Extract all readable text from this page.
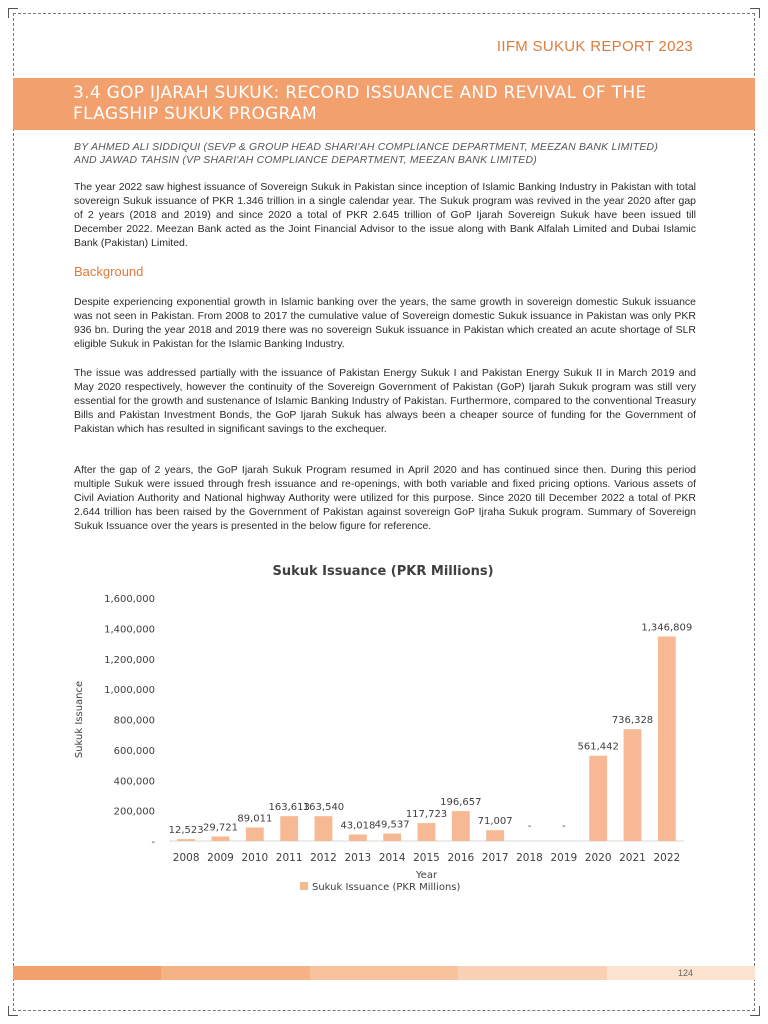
IIFM SUKUK REPORT 2023
3.4 GOP IJARAH SUKUK: RECORD ISSUANCE AND REVIVAL OF THE
FLAGSHIP SUKUK PROGRAM
BY AHMED ALI SIDDIQUI (SEVP & GROUP HEAD SHARI'AH COMPLIANCE DEPARTMENT, MEEZAN BANK LIMITED)
AND JAWAD TAHSIN (VP SHARI'AH COMPLIANCE DEPARTMENT, MEEZAN BANK LIMITED)

The year 2022 saw highest issuance of Sovereign Sukuk in Pakistan since inception of Islamic Banking Industry in Pakistan with total sovereign Sukuk issuance of PKR 1.346 trillion in a single calendar year. The Sukuk program was revived in the year 2020 after gap of 2 years (2018 and 2019) and since 2020 a total of PKR 2.645 trillion of GoP Ijarah Sovereign Sukuk have been issued till December 2022. Meezan Bank acted as the Joint Financial Advisor to the issue along with Bank Alfalah Limited and Dubai Islamic Bank (Pakistan) Limited.

Background

Despite experiencing exponential growth in Islamic banking over the years, the same growth in sovereign domestic Sukuk issuance was not seen in Pakistan. From 2008 to 2017 the cumulative value of Sovereign domestic Sukuk issuance in Pakistan was only PKR 936 bn. During the year 2018 and 2019 there was no sovereign Sukuk issuance in Pakistan which created an acute shortage of SLR eligible Sukuk in Pakistan for the Islamic Banking Industry.

The issue was addressed partially with the issuance of Pakistan Energy Sukuk I and Pakistan Energy Sukuk II in March 2019 and May 2020 respectively, however the continuity of the Sovereign Government of Pakistan (GoP) Ijarah Sukuk program was still very essential for the growth and sustenance of Islamic Banking Industry of Pakistan. Furthermore, compared to the conventional Treasury Bills and Pakistan Investment Bonds, the GoP Ijarah Sukuk has always been a cheaper source of funding for the Government of Pakistan which has resulted in significant savings to the exchequer.

After the gap of 2 years, the GoP Ijarah Sukuk Program resumed in April 2020 and has continued since then. During this period multiple Sukuk were issued through fresh issuance and re-openings, with both variable and fixed pricing options. Various assets of Civil Aviation Authority and National highway Authority were utilized for this purpose. Since 2020 till December 2022 a total of PKR 2.644 trillion has been raised by the Government of Pakistan against sovereign GoP Ijraha Sukuk program. Summary of Sovereign Sukuk Issuance over the years is presented in the below figure for reference.

Sukuk Issuance (PKR Millions)
-
200,000
400,000
600,000
800,000
1,000,000
1,200,000
1,400,000
1,600,000
Sukuk Issuance
12,523
2008
29,721
2009
89,011
2010
163,613
2011
163,540
2012
43,018
2013
49,537
2014
117,723
2015
196,657
2016
71,007
2017
-
2018
-
2019
561,442
2020
736,328
2021
1,346,809
2022
Year
Sukuk Issuance (PKR Millions)
124
